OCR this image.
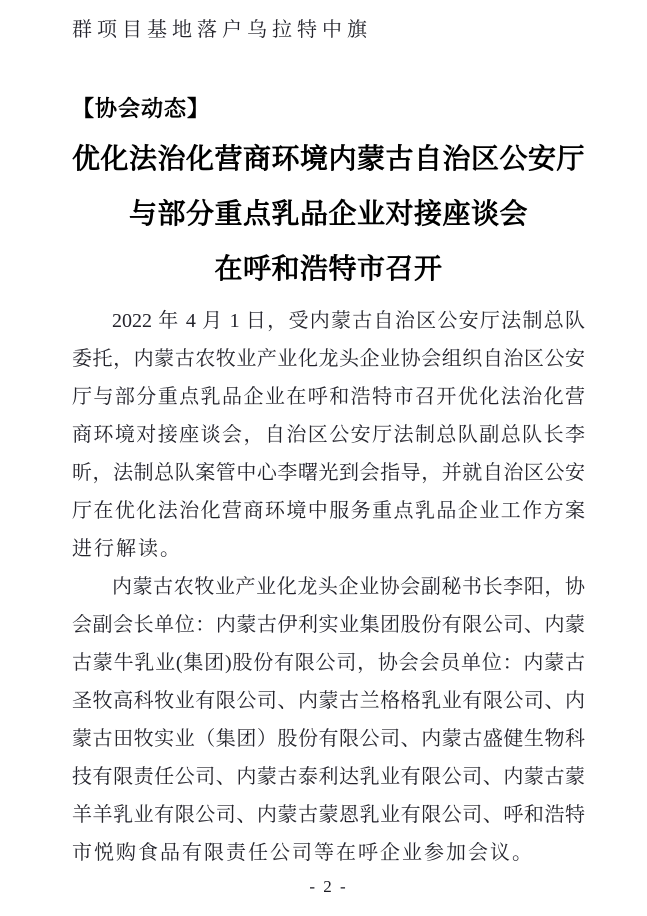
群项目基地落户乌拉特中旗
【协会动态】
优化法治化营商环境内蒙古自治区公安厅
与部分重点乳品企业对接座谈会
在呼和浩特市召开
2022 年 4 月 1 日，受内蒙古自治区公安厅法制总队
委托，内蒙古农牧业产业化龙头企业协会组织自治区公安
厅与部分重点乳品企业在呼和浩特市召开优化法治化营
商环境对接座谈会，自治区公安厅法制总队副总队长李
昕，法制总队案管中心李曙光到会指导，并就自治区公安
厅在优化法治化营商环境中服务重点乳品企业工作方案
进行解读。
内蒙古农牧业产业化龙头企业协会副秘书长李阳，协
会副会长单位：内蒙古伊利实业集团股份有限公司、内蒙
古蒙牛乳业(集团)股份有限公司，协会会员单位：内蒙古
圣牧高科牧业有限公司、内蒙古兰格格乳业有限公司、内
蒙古田牧实业（集团）股份有限公司、内蒙古盛健生物科
技有限责任公司、内蒙古泰利达乳业有限公司、内蒙古蒙
羊羊乳业有限公司、内蒙古蒙恩乳业有限公司、呼和浩特
市悦购食品有限责任公司等在呼企业参加会议。
- 2 -
